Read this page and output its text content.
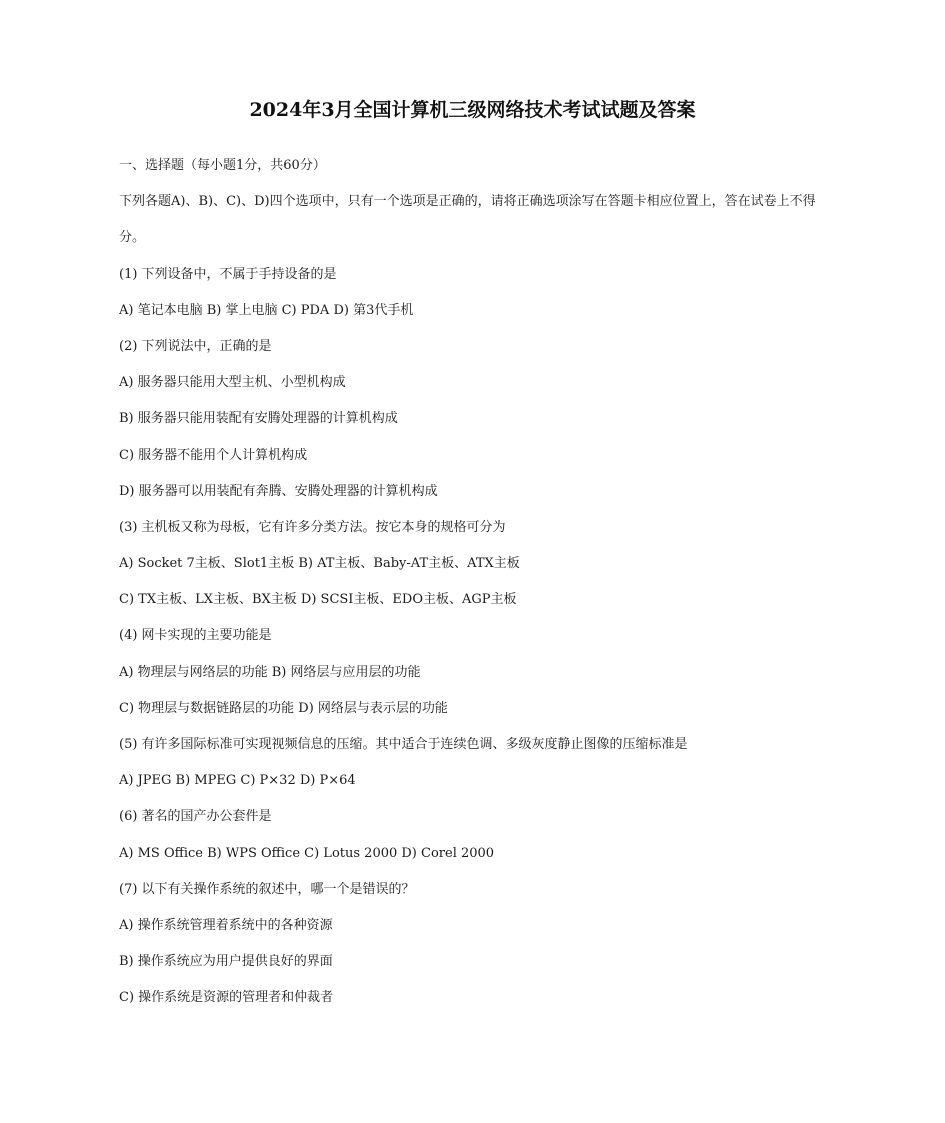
2024年3月全国计算机三级网络技术考试试题及答案
一、选择题（每小题1分，共60分）
下列各题A)、B)、C)、D)四个选项中，只有一个选项是正确的，请将正确选项涂写在答题卡相应位置上，答在试卷上不得分。
(1) 下列设备中，不属于手持设备的是
A) 笔记本电脑 B) 掌上电脑 C) PDA D) 第3代手机
(2) 下列说法中，正确的是
A) 服务器只能用大型主机、小型机构成
B) 服务器只能用装配有安腾处理器的计算机构成
C) 服务器不能用个人计算机构成
D) 服务器可以用装配有奔腾、安腾处理器的计算机构成
(3) 主机板又称为母板，它有许多分类方法。按它本身的规格可分为
A) Socket 7主板、Slot1主板 B) AT主板、Baby-AT主板、ATX主板
C) TX主板、LX主板、BX主板 D) SCSI主板、EDO主板、AGP主板
(4) 网卡实现的主要功能是
A) 物理层与网络层的功能 B) 网络层与应用层的功能
C) 物理层与数据链路层的功能 D) 网络层与表示层的功能
(5) 有许多国际标准可实现视频信息的压缩。其中适合于连续色调、多级灰度静止图像的压缩标准是
A) JPEG B) MPEG C) P×32 D) P×64
(6) 著名的国产办公套件是
A) MS Office B) WPS Office C) Lotus 2000 D) Corel 2000
(7) 以下有关操作系统的叙述中，哪一个是错误的？
A) 操作系统管理着系统中的各种资源
B) 操作系统应为用户提供良好的界面
C) 操作系统是资源的管理者和仲裁者
